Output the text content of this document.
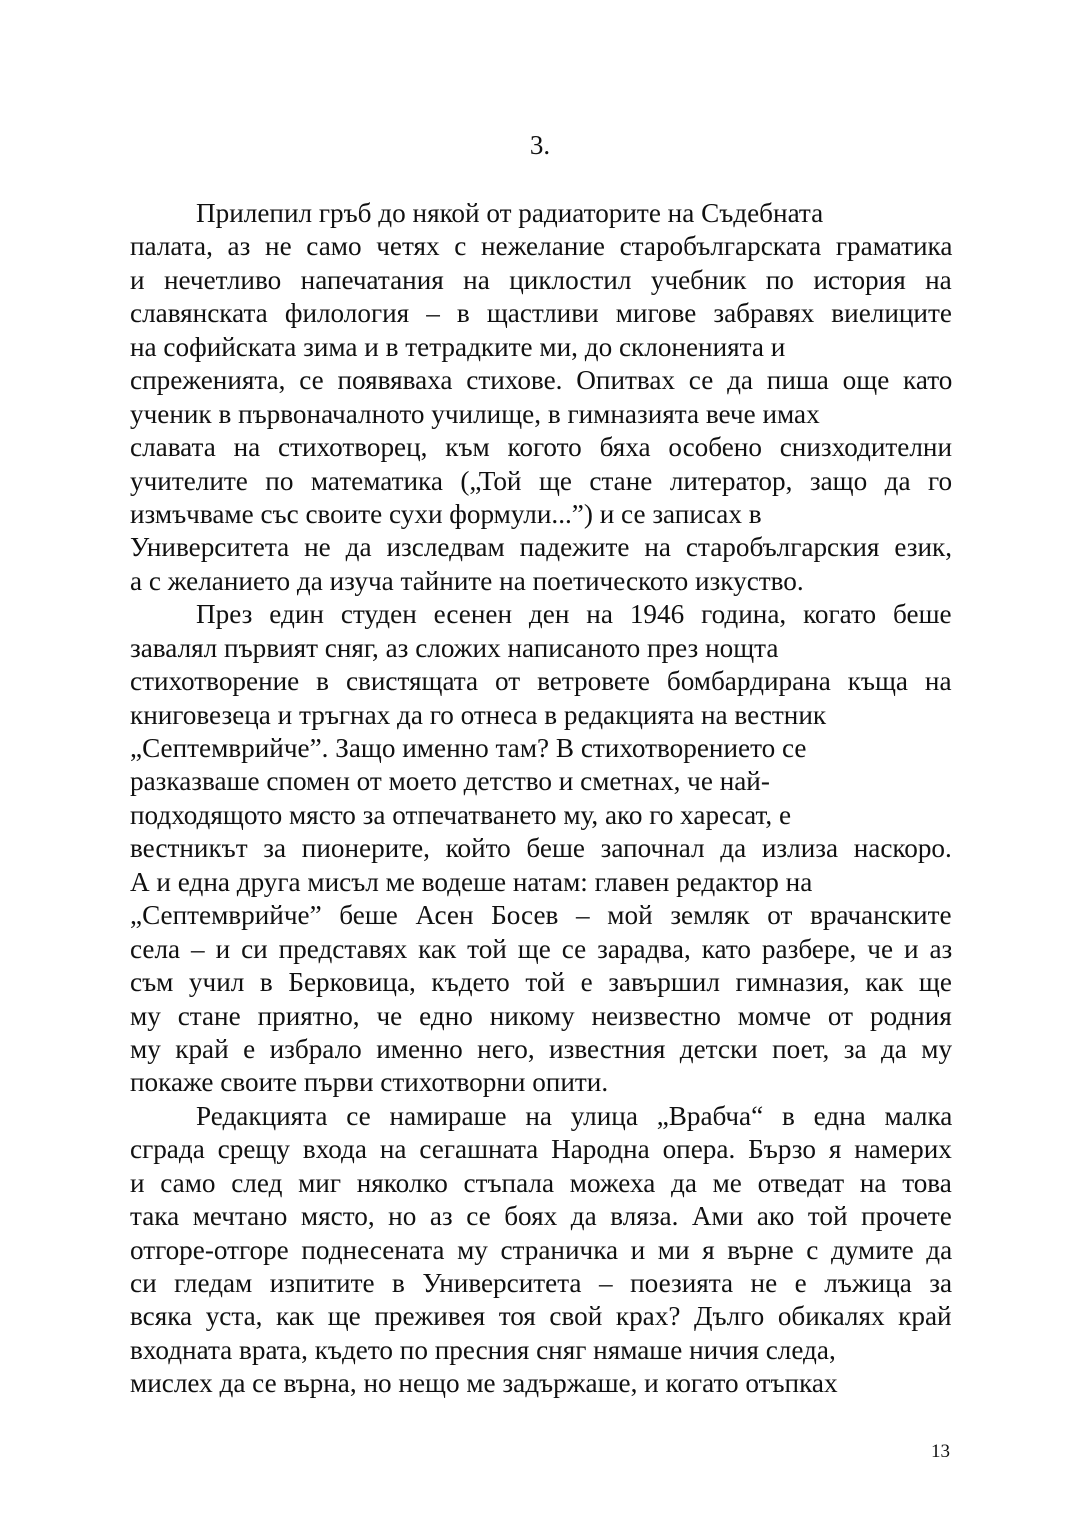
3.
Прилепил гръб до някой от радиаторите на Съдебната
палата, аз не само четях с нежелание старобългарската граматика
и нечетливо напечатания на циклостил учебник по история на
славянската филология – в щастливи мигове забравях виелиците
на софийската зима и в тетрадките ми, до склоненията и
спреженията, се появяваха стихове. Опитвах се да пиша още като
ученик в първоначалното училище, в гимназията вече имах
славата на стихотворец, към когото бяха особено снизходителни
учителите по математика („Той ще стане литератор, защо да го
измъчваме със своите сухи формули...”) и се записах в
Университета не да изследвам падежите на старобългарския език,
а с желанието да изуча тайните на поетическото изкуство.
През един студен есенен ден на 1946 година, когато беше
завалял първият сняг, аз сложих написаното през нощта
стихотворение в свистящата от ветровете бомбардирана къща на
книговезеца и тръгнах да го отнеса в редакцията на вестник
„Септемврийче”. Защо именно там? В стихотворението се
разказваше спомен от моето детство и сметнах, че най-
подходящото място за отпечатването му, ако го харесат, е
вестникът за пионерите, който беше започнал да излиза наскоро.
А и една друга мисъл ме водеше натам: главен редактор на
„Септемврийче” беше Асен Босев – мой земляк от врачанските
села – и си представях как той ще се зарадва, като разбере, че и аз
съм учил в Берковица, където той е завършил гимназия, как ще
му стане приятно, че едно никому неизвестно момче от родния
му край е избрало именно него, известния детски поет, за да му
покаже своите първи стихотворни опити.
Редакцията се намираше на улица „Врабча“ в една малка
сграда срещу входа на сегашната Народна опера. Бързо я намерих
и само след миг няколко стъпала можеха да ме отведат на това
така мечтано място, но аз се боях да вляза. Ами ако той прочете
отгоре-отгоре поднесената му страничка и ми я върне с думите да
си гледам изпитите в Университета – поезията не е лъжица за
всяка уста, как ще преживея тоя свой крах? Дълго обикалях край
входната врата, където по пресния сняг нямаше ничия следа,
мислех да се върна, но нещо ме задържаше, и когато отъпках
13
